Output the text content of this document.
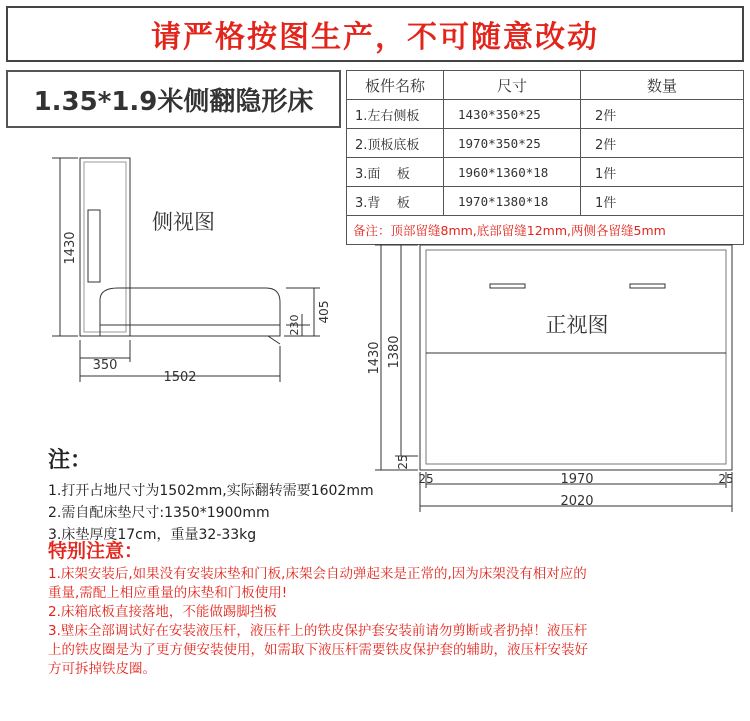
请严格按图生产，不可随意改动
1.35*1.9米侧翻隐形床
板件名称	尺寸	数量
1.左右侧板	1430*350*25	2件
2.顶板底板	1970*350*25	2件
3.面    板	1960*1360*18	1件
3.背    板	1970*1380*18	1件
备注：顶部留缝8mm,底部留缝12mm,两侧各留缝5mm		
侧视图
1430
350
1502
230
405
正视图
1430 1380
25
25	25
1970
2020
注：
1.打开占地尺寸为1502mm,实际翻转需要1602mm
2.需自配床垫尺寸:1350*1900mm
3.床垫厚度17cm，重量32-33kg
特别注意：
1.床架安装后,如果没有安装床垫和门板,床架会自动弹起来是正常的,因为床架没有相对应的
重量,需配上相应重量的床垫和门板使用!
2.床箱底板直接落地，不能做踢脚挡板
3.壁床全部调试好在安装液压杆，液压杆上的铁皮保护套安装前请勿剪断或者扔掉！液压杆
上的铁皮圈是为了更方便安装使用，如需取下液压杆需要铁皮保护套的辅助，液压杆安装好
方可拆掉铁皮圈。
